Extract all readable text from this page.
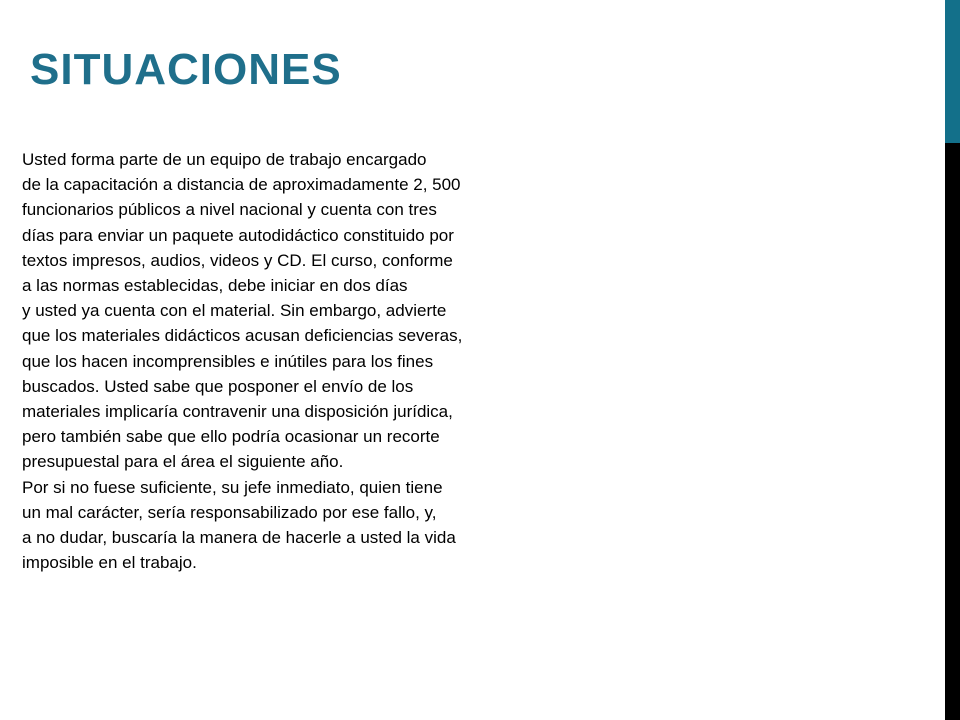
SITUACIONES
Usted forma parte de un equipo de trabajo encargado
de la capacitación a distancia de aproximadamente 2, 500
funcionarios públicos a nivel nacional y cuenta con tres
días para enviar un paquete autodidáctico constituido por
textos impresos, audios, videos y CD. El curso, conforme
a las normas establecidas, debe iniciar en dos días
y usted ya cuenta con el material. Sin embargo, advierte
que los materiales didácticos acusan deficiencias severas,
que los hacen incomprensibles e inútiles para los fines
buscados. Usted sabe que posponer el envío de los
materiales implicaría contravenir una disposición jurídica,
pero también sabe que ello podría ocasionar un recorte
presupuestal para el área el siguiente año.
Por si no fuese suficiente, su jefe inmediato, quien tiene
un mal carácter, sería responsabilizado por ese fallo, y,
a no dudar, buscaría la manera de hacerle a usted la vida
imposible en el trabajo.
